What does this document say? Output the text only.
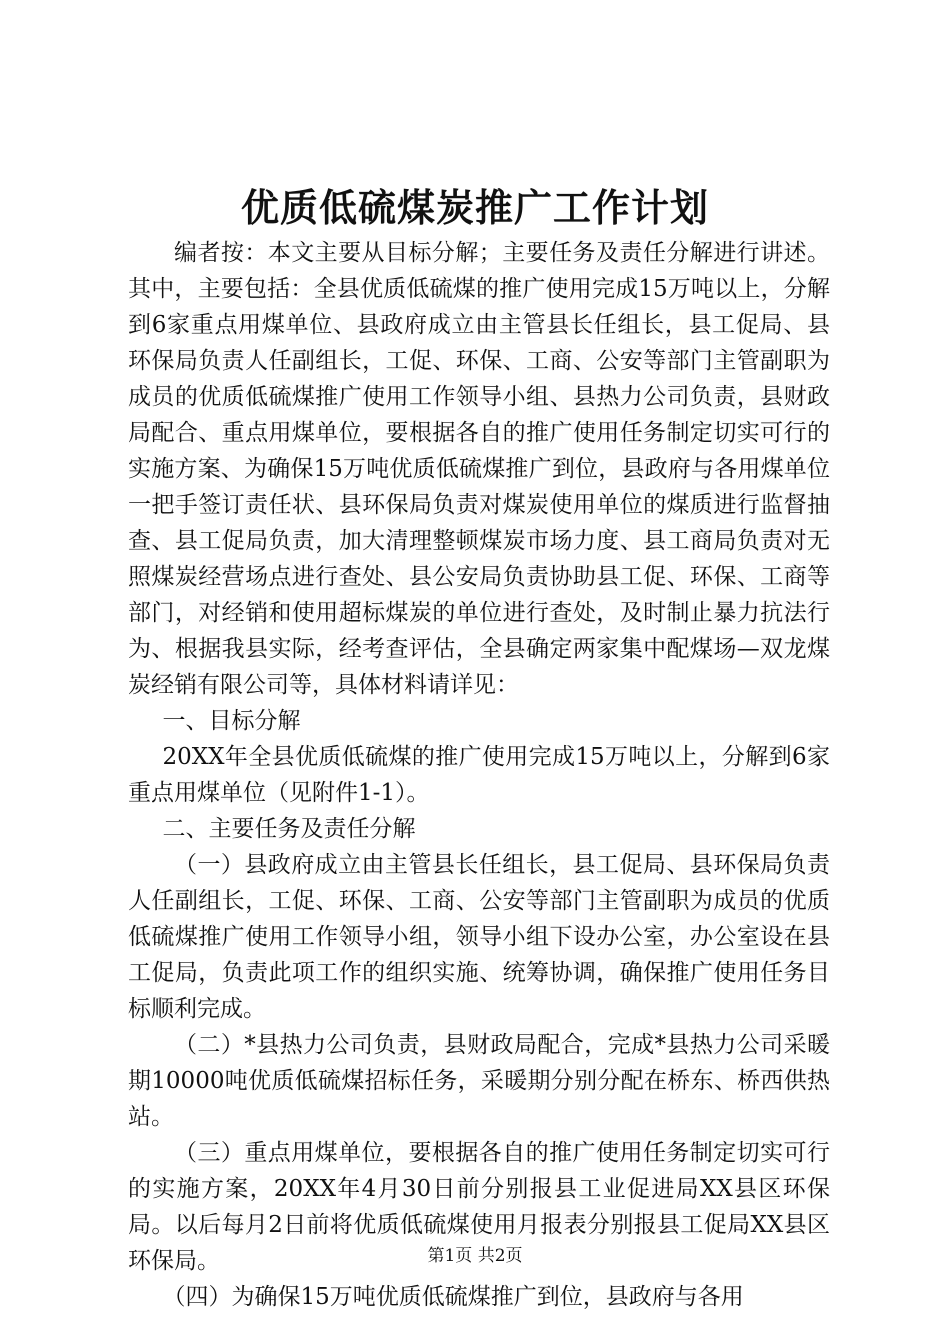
优质低硫煤炭推广工作计划

编者按：本文主要从目标分解；主要任务及责任分解进行讲述。其中，主要包括：全县优质低硫煤的推广使用完成15万吨以上，分解到6家重点用煤单位、县政府成立由主管县长任组长，县工促局、县环保局负责人任副组长，工促、环保、工商、公安等部门主管副职为成员的优质低硫煤推广使用工作领导小组、县热力公司负责，县财政局配合、重点用煤单位，要根据各自的推广使用任务制定切实可行的实施方案、为确保15万吨优质低硫煤推广到位，县政府与各用煤单位一把手签订责任状、县环保局负责对煤炭使用单位的煤质进行监督抽查、县工促局负责，加大清理整顿煤炭市场力度、县工商局负责对无照煤炭经营场点进行查处、县公安局负责协助县工促、环保、工商等部门，对经销和使用超标煤炭的单位进行查处，及时制止暴力抗法行为、根据我县实际，经考查评估，全县确定两家集中配煤场—双龙煤炭经销有限公司等，具体材料请详见：

一、目标分解

20XX年全县优质低硫煤的推广使用完成15万吨以上，分解到6家重点用煤单位（见附件1-1）。

二、主要任务及责任分解

（一）县政府成立由主管县长任组长，县工促局、县环保局负责人任副组长，工促、环保、工商、公安等部门主管副职为成员的优质低硫煤推广使用工作领导小组，领导小组下设办公室，办公室设在县工促局，负责此项工作的组织实施、统筹协调，确保推广使用任务目标顺利完成。

（二）*县热力公司负责，县财政局配合，完成*县热力公司采暖期10000吨优质低硫煤招标任务，采暖期分别分配在桥东、桥西供热站。

（三）重点用煤单位，要根据各自的推广使用任务制定切实可行的实施方案，20XX年4月30日前分别报县工业促进局XX县区环保局。以后每月2日前将优质低硫煤使用月报表分别报县工促局XX县区环保局。

（四）为确保15万吨优质低硫煤推广到位，县政府与各用

第1页 共2页
